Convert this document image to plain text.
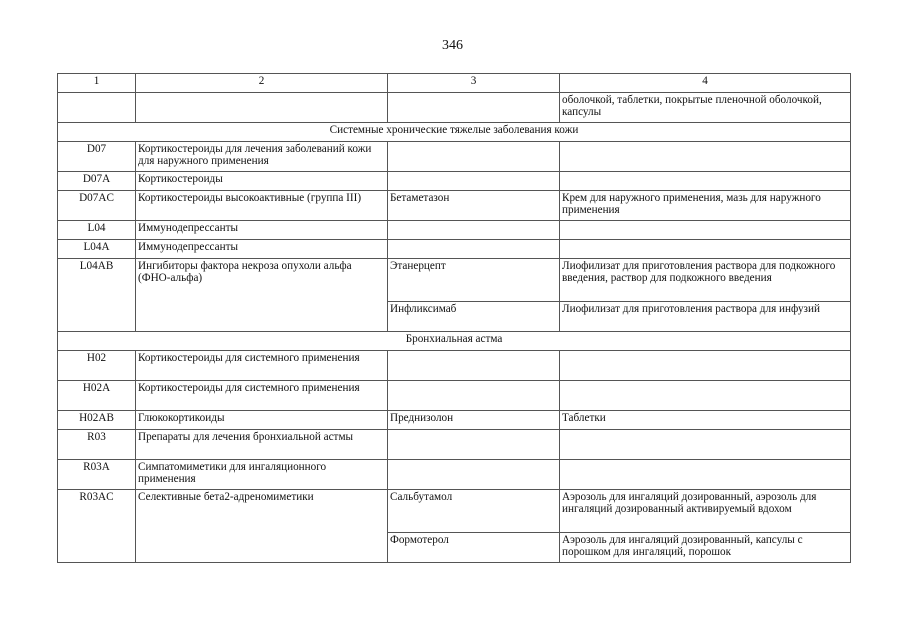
346
1	2	3	4
			оболочкой, таблетки, покрытые пленочной оболочкой, капсулы
Системные хронические тяжелые заболевания кожи			
D07	Кортикостероиды для лечения заболеваний кожи для наружного применения		
D07A	Кортикостероиды		
D07AC	Кортикостероиды высокоактивные (группа III)	Бетаметазон	Крем для наружного применения, мазь для наружного применения
L04	Иммунодепрессанты		
L04A	Иммунодепрессанты		
L04AB	Ингибиторы фактора некроза опухоли альфа (ФНО-альфа)	Этанерцепт	Лиофилизат для приготовления раствора для подкожного введения, раствор для подкожного введения
		Инфликсимаб	Лиофилизат для приготовления раствора для инфузий
Бронхиальная астма			
H02	Кортикостероиды для системного применения		
H02A	Кортикостероиды для системного применения		
H02AB	Глюкокортикоиды	Преднизолон	Таблетки
R03	Препараты для лечения бронхиальной астмы		
R03A	Симпатомиметики для ингаляционного применения		
R03AC	Селективные бета2-адреномиметики	Сальбутамол	Аэрозоль для ингаляций дозированный, аэрозоль для ингаляций дозированный активируемый вдохом
		Формотерол	Аэрозоль для ингаляций дозированный, капсулы с порошком для ингаляций, порошок
